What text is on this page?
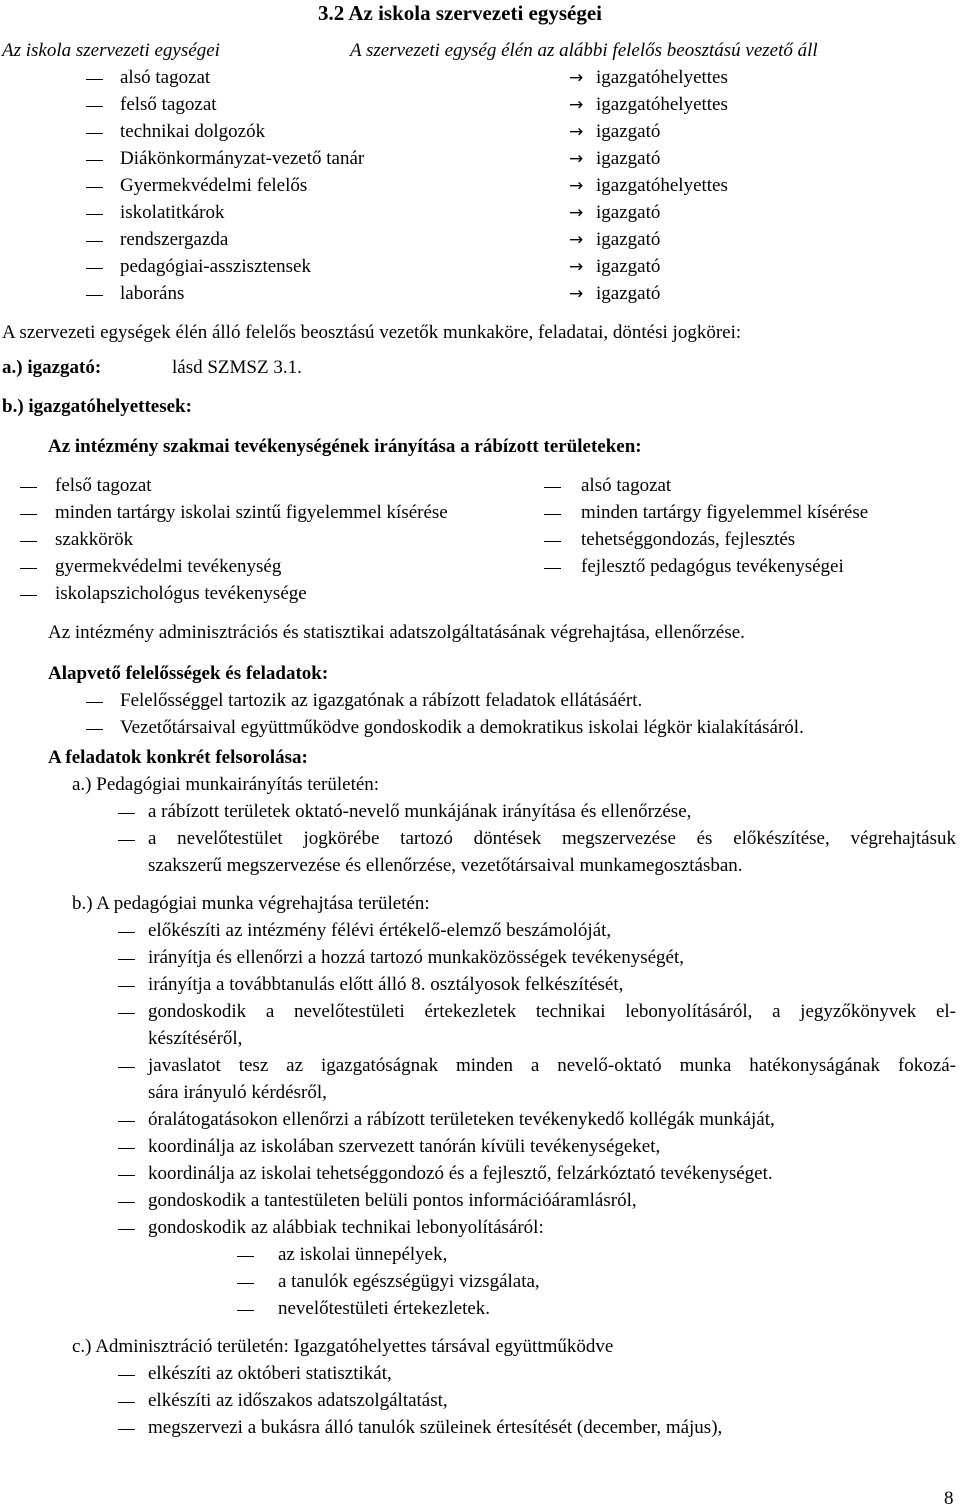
3.2 Az iskola szervezeti egységei
Az iskola szervezeti egységei	A szervezeti egység élén az alábbi felelős beosztású vezető áll
alsó tagozat	→ igazgatóhelyettes
felső tagozat	→ igazgatóhelyettes
technikai dolgozók	→ igazgató
Diákönkormányzat-vezető tanár	→ igazgató
Gyermekvédelmi felelős	→ igazgatóhelyettes
iskolatitkárok	→ igazgató
rendszergazda	→ igazgató
pedagógiai-asszisztensek	→ igazgató
laboráns	→ igazgató
A szervezeti egységek élén álló felelős beosztású vezetők munkaköre, feladatai, döntési jogkörei:
a.) igazgató:	lásd SZMSZ 3.1.
b.) igazgatóhelyettesek:
Az intézmény szakmai tevékenységének irányítása a rábízott területeken:
felső tagozat
minden tartárgy iskolai szintű figyelemmel kísérése
szakkörök
gyermekvédelmi tevékenység
iskolapszichológus tevékenysége
alsó tagozat
minden tartárgy figyelemmel kísérése
tehetséggondozás, fejlesztés
fejlesztő pedagógus tevékenységei
Az intézmény adminisztrációs és statisztikai adatszolgáltatásának végrehajtása, ellenőrzése.
Alapvető felelősségek és feladatok:
Felelősséggel tartozik az igazgatónak a rábízott feladatok ellátásáért.
Vezetőtársaival együttműködve gondoskodik a demokratikus iskolai légkör kialakításáról.
A feladatok konkrét felsorolása:
a.) Pedagógiai munkairányítás területén:
a rábízott területek oktató-nevelő munkájának irányítása és ellenőrzése,
a nevelőtestület jogkörébe tartozó döntések megszervezése és előkészítése, végrehajtásuk
szakszerű megszervezése és ellenőrzése, vezetőtársaival munkamegosztásban.
b.) A pedagógiai munka végrehajtása területén:
előkészíti az intézmény félévi értékelő-elemző beszámolóját,
irányítja és ellenőrzi a hozzá tartozó munkaközösségek tevékenységét,
irányítja a továbbtanulás előtt álló 8. osztályosok felkészítését,
gondoskodik a nevelőtestületi értekezletek technikai lebonyolításáról, a jegyzőkönyvek el-
készítéséről,
javaslatot tesz az igazgatóságnak minden a nevelő-oktató munka hatékonyságának fokozá-
sára irányuló kérdésről,
óralátogatásokon ellenőrzi a rábízott területeken tevékenykedő kollégák munkáját,
koordinálja az iskolában szervezett tanórán kívüli tevékenységeket,
koordinálja az iskolai tehetséggondozó és a fejlesztő, felzárkóztató tevékenységet.
gondoskodik a tantestületen belüli pontos információáramlásról,
gondoskodik az alábbiak technikai lebonyolításáról:
az iskolai ünnepélyek,
a tanulók egészségügyi vizsgálata,
nevelőtestületi értekezletek.
c.) Adminisztráció területén: Igazgatóhelyettes társával együttműködve
elkészíti az októberi statisztikát,
elkészíti az időszakos adatszolgáltatást,
megszervezi a bukásra álló tanulók szüleinek értesítését (december, május),
8
